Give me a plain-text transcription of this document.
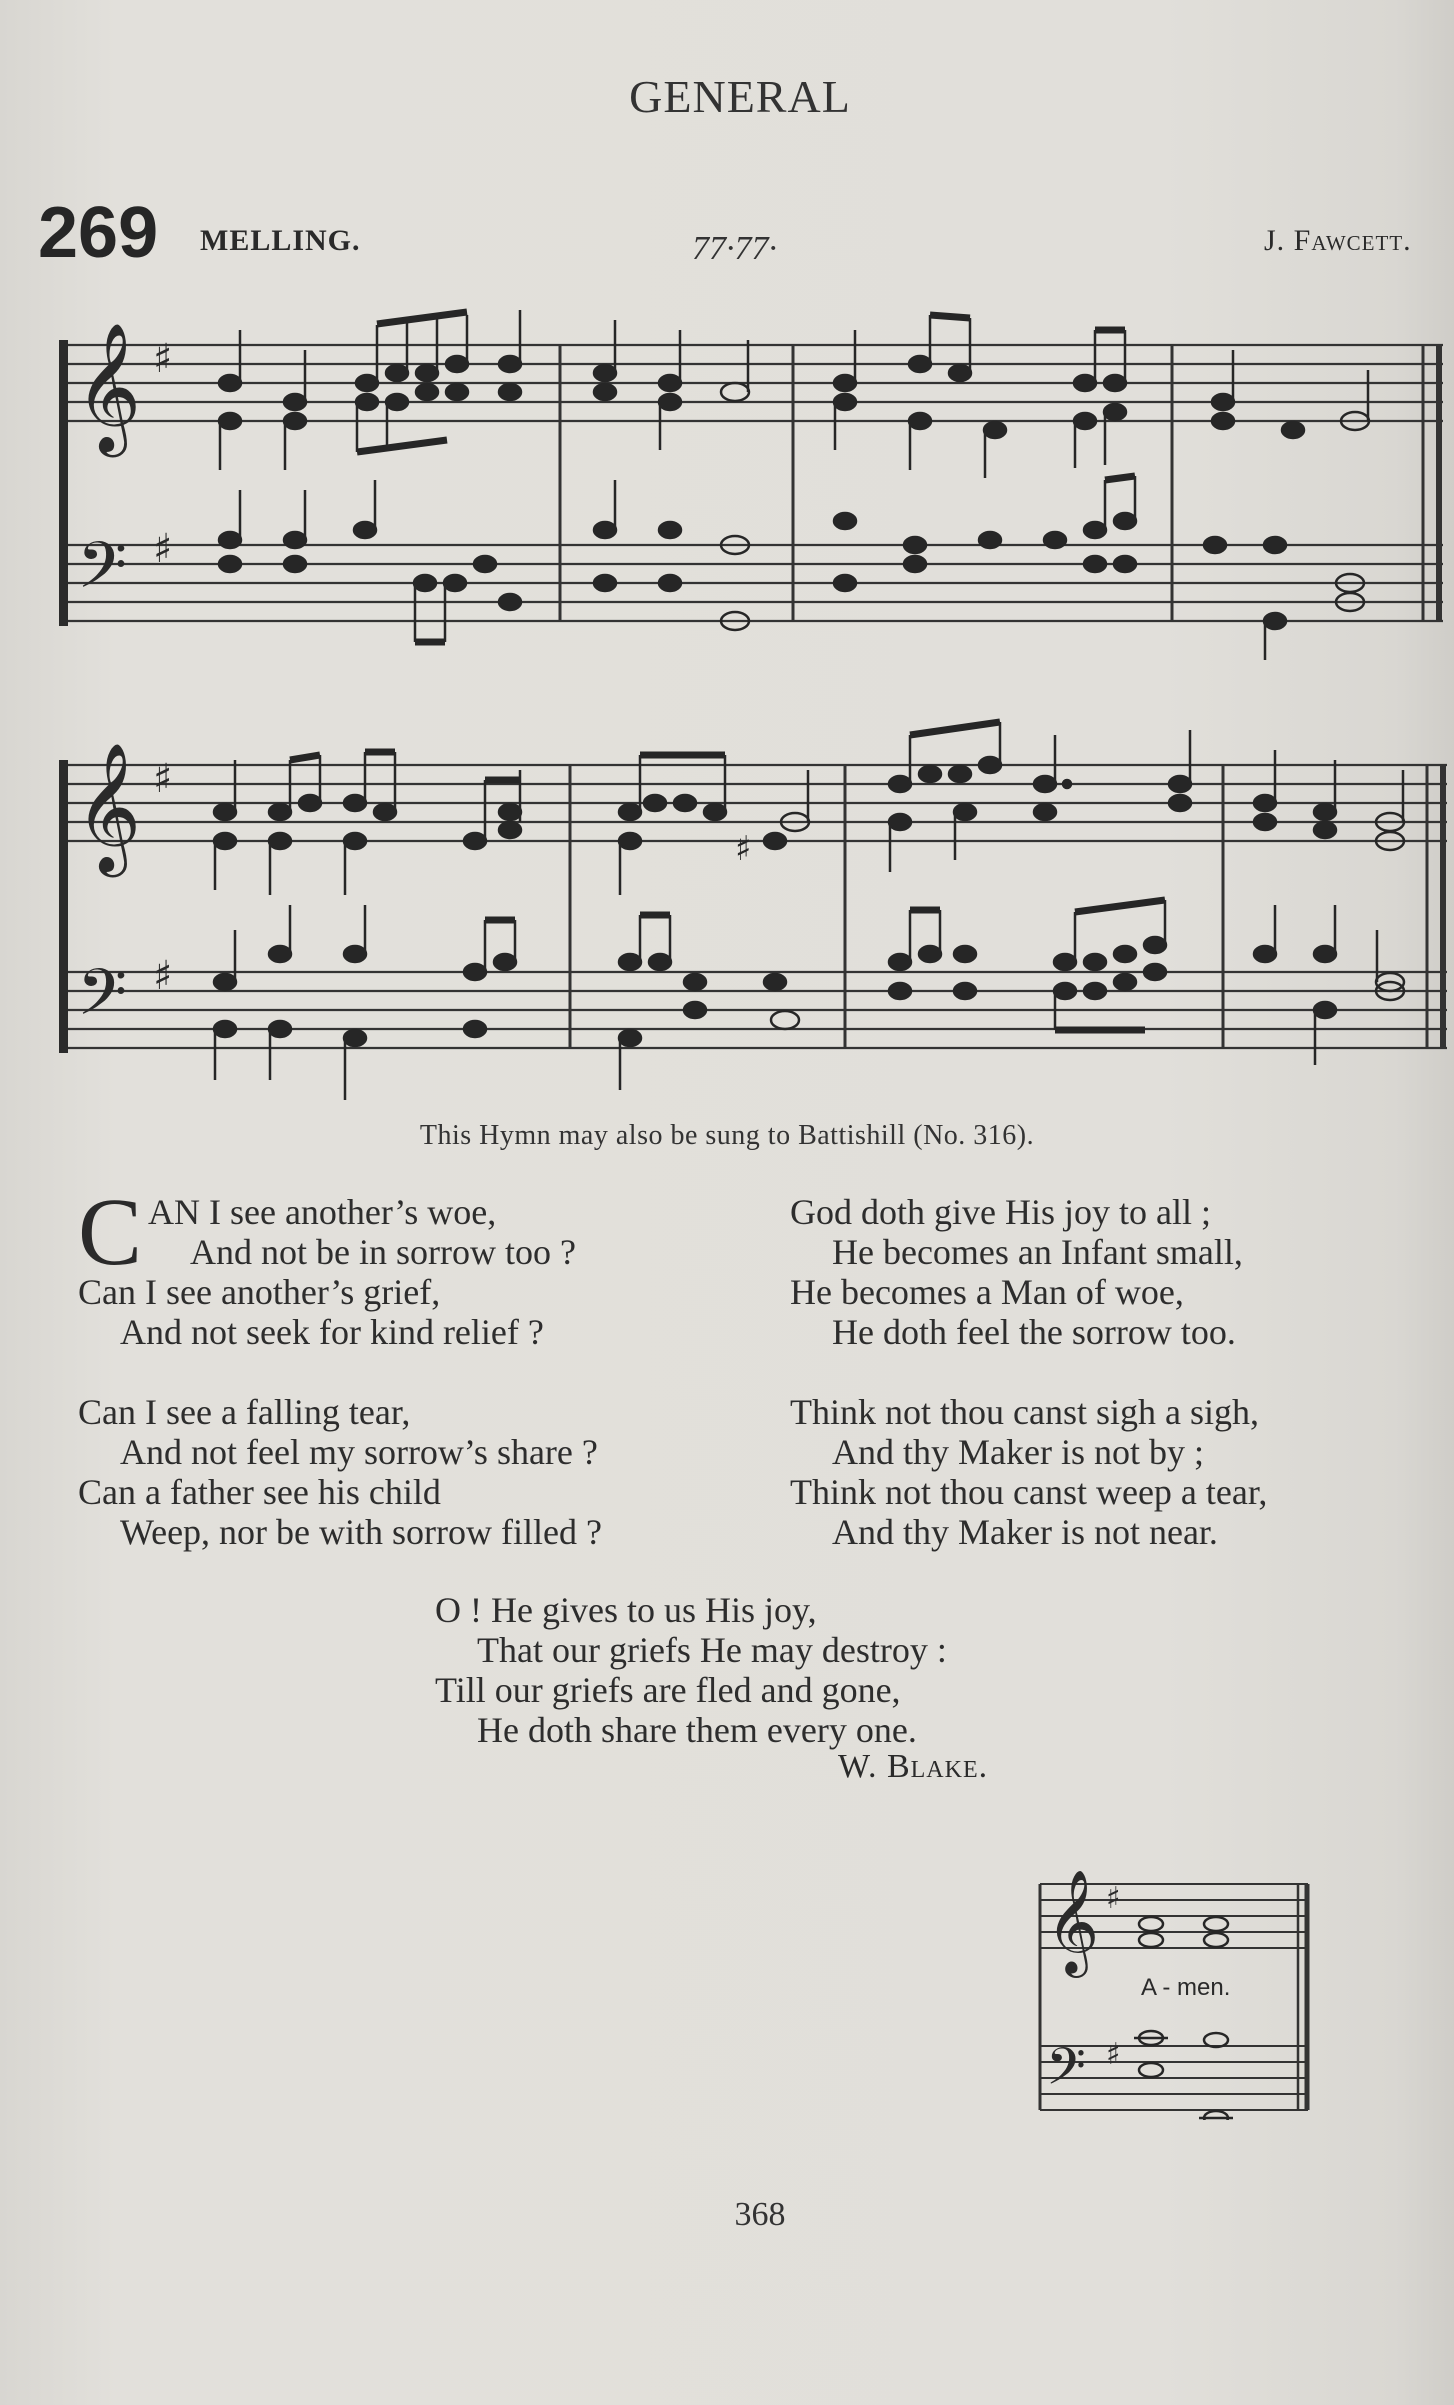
GENERAL
269 MELLING.	77·77·	J. Fawcett.
𝄞 ♯
𝄢 ♯
𝄞 ♯
𝄢 ♯
♯
This Hymn may also be sung to Battishill (No. 316).
C AN I see another’s woe,
And not be in sorrow too ?
Can I see another’s grief,
And not seek for kind relief ?
Can I see a falling tear,
And not feel my sorrow’s share ?
Can a father see his child
Weep, nor be with sorrow filled ?
God doth give His joy to all ;
He becomes an Infant small,
He becomes a Man of woe,
He doth feel the sorrow too.
Think not thou canst sigh a sigh,
And thy Maker is not by ;
Think not thou canst weep a tear,
And thy Maker is not near.
O ! He gives to us His joy,
That our griefs He may destroy :
Till our griefs are fled and gone,
He doth share them every one.
W. Blake.
𝄞 ♯
𝄢 ♯
A - men.
368
